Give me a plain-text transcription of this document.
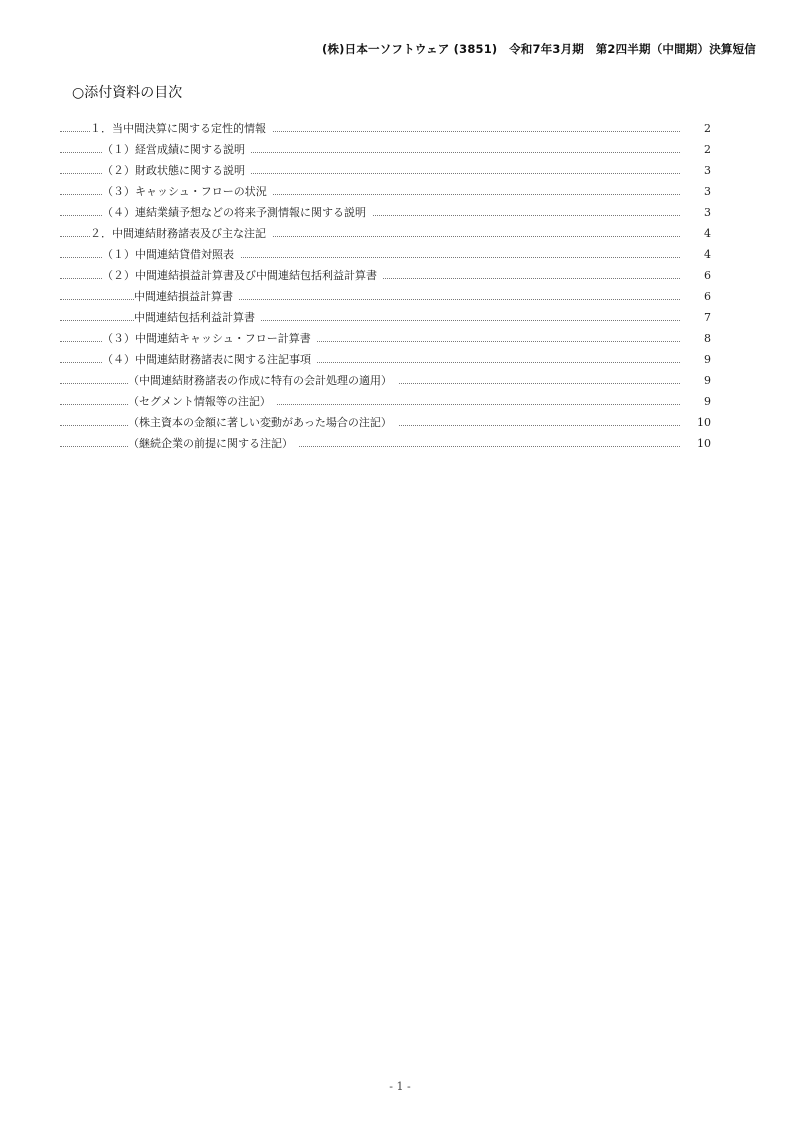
(株)日本一ソフトウェア (3851)　令和7年3月期　第2四半期（中間期）決算短信
○添付資料の目次
１．当中間決算に関する定性的情報	2
（１）経営成績に関する説明	2
（２）財政状態に関する説明	3
（３）キャッシュ・フローの状況	3
（４）連結業績予想などの将来予測情報に関する説明	3
２．中間連結財務諸表及び主な注記	4
（１）中間連結貸借対照表	4
（２）中間連結損益計算書及び中間連結包括利益計算書	6
中間連結損益計算書	6
中間連結包括利益計算書	7
（３）中間連結キャッシュ・フロー計算書	8
（４）中間連結財務諸表に関する注記事項	9
（中間連結財務諸表の作成に特有の会計処理の適用）	9
（セグメント情報等の注記）	9
（株主資本の金額に著しい変動があった場合の注記）	10
（継続企業の前提に関する注記）	10
- 1 -
